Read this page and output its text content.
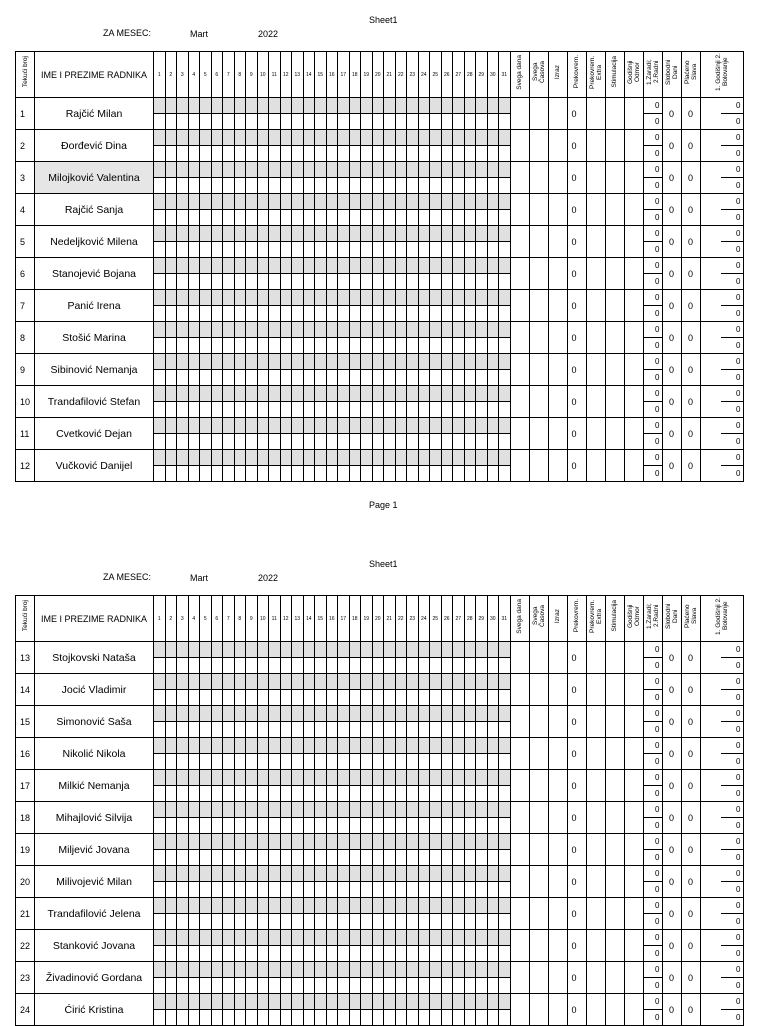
Sheet1
ZA MESEC:	Mart	2022
Tekući broj	IME I PREZIME RADNIKA	1	2	3	4	5	6	7	8	9	10	11	12	13	14	15	16	17	18	19	20	21	22	23	24	25	26	27	28	29	30	31	Svega dana	Svega Časova	Izraz	Prekovrem.	Prekovrem. Extra	Stimulacija	Godišnji Odmor	1.Zaradi; 2.Radni	Slobodni Dani	Plaćeno Slava	1. Godišnji 2. Bolovanje	
1	Rajčić Milan																																			0				0	0	0		0
																																								0				0
2	Đorđević Dina																																			0				0	0	0		0
																																								0				0
3	Milojković Valentina																																			0				0	0	0		0
																																								0				0
4	Rajčić Sanja																																			0				0	0	0		0
																																								0				0
5	Nedeljković Milena																																			0				0	0	0		0
																																								0				0
6	Stanojević Bojana																																			0				0	0	0		0
																																								0				0
7	Panić Irena																																			0				0	0	0		0
																																								0				0
8	Stošić Marina																																			0				0	0	0		0
																																								0				0
9	Sibinović Nemanja																																			0				0	0	0		0
																																								0				0
10	Trandafilović Stefan																																			0				0	0	0		0
																																								0				0
11	Cvetković Dejan																																			0				0	0	0		0
																																								0				0
12	Vučković Danijel																																			0				0	0	0		0
																																								0				0
Page 1
Sheet1
ZA MESEC:	Mart	2022
Tekući broj	IME I PREZIME RADNIKA	1	2	3	4	5	6	7	8	9	10	11	12	13	14	15	16	17	18	19	20	21	22	23	24	25	26	27	28	29	30	31	Svega dana	Svega Časova	Izraz	Prekovrem.	Prekovrem. Extra	Stimulacija	Godišnji Odmor	1.Zaradi; 2.Radni	Slobodni Dani	Plaćeno Slava	1. Godišnji 2. Bolovanje	
13	Stojkovski Nataša																																			0				0	0	0		0
																																								0				0
14	Jocić Vladimir																																			0				0	0	0		0
																																								0				0
15	Simonović Saša																																			0				0	0	0		0
																																								0				0
16	Nikolić Nikola																																			0				0	0	0		0
																																								0				0
17	Milkić Nemanja																																			0				0	0	0		0
																																								0				0
18	Mihajlović Silvija																																			0				0	0	0		0
																																								0				0
19	Miljević Jovana																																			0				0	0	0		0
																																								0				0
20	Milivojević Milan																																			0				0	0	0		0
																																								0				0
21	Trandafilović Jelena																																			0				0	0	0		0
																																								0				0
22	Stanković Jovana																																			0				0	0	0		0
																																								0				0
23	Živadinović Gordana																																			0				0	0	0		0
																																								0				0
24	Ćirić Kristina																																			0				0	0	0		0
																																								0				0
